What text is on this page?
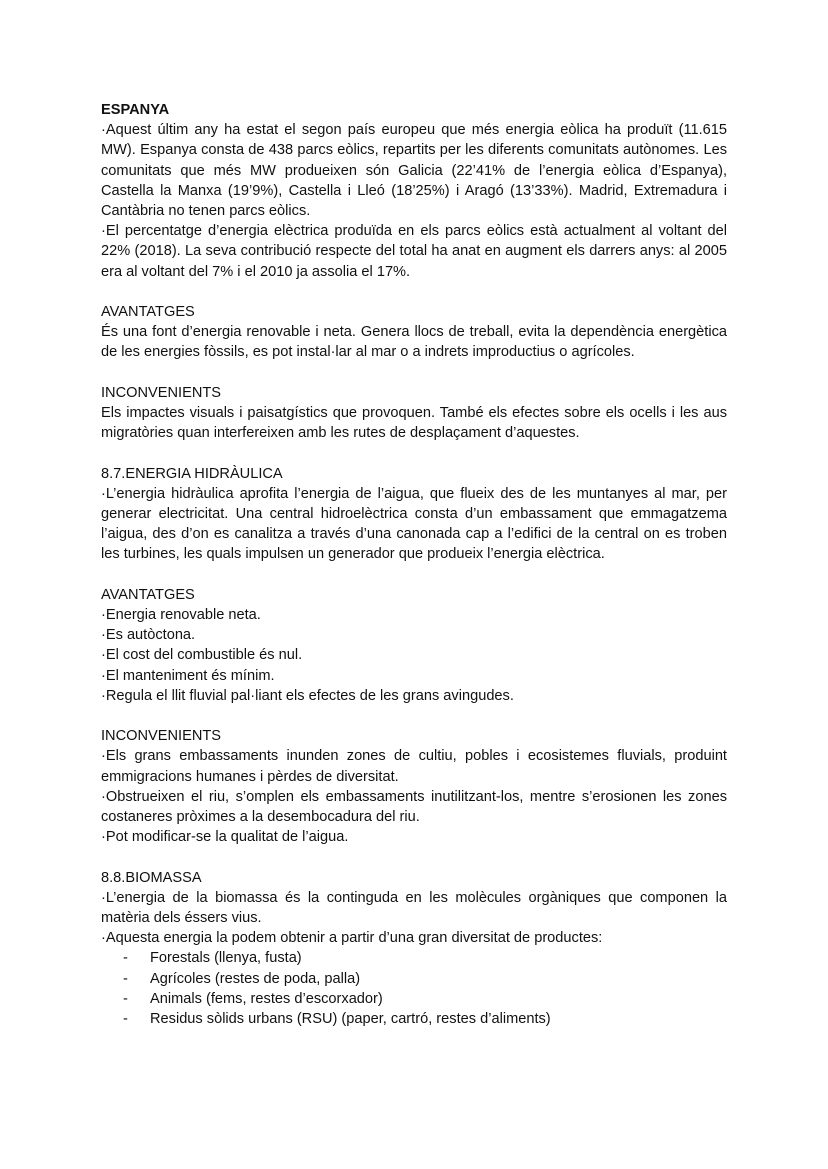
ESPANYA

·Aquest últim any ha estat el segon país europeu que més energia eòlica ha produït (11.615 MW). Espanya consta de 438 parcs eòlics, repartits per les diferents comunitats autònomes. Les comunitats que més MW produeixen són Galicia (22’41% de l’energia eòlica d’Espanya), Castella la Manxa (19’9%), Castella i Lleó (18’25%) i Aragó (13’33%). Madrid, Extremadura i Cantàbria no tenen parcs eòlics.

·El percentatge d’energia elèctrica produïda en els parcs eòlics està actualment al voltant del 22% (2018). La seva contribució respecte del total ha anat en augment els darrers anys: al 2005 era al voltant del 7% i el 2010 ja assolia el 17%.

AVANTATGES

És una font d’energia renovable i neta. Genera llocs de treball, evita la dependència energètica de les energies fòssils, es pot instal·lar al mar o a indrets improductius o agrícoles.

INCONVENIENTS

Els impactes visuals i paisatgístics que provoquen. També els efectes sobre els ocells i les aus migratòries quan interfereixen amb les rutes de desplaçament d’aquestes.

8.7.ENERGIA HIDRÀULICA

·L’energia hidràulica aprofita l’energia de l’aigua, que flueix des de les muntanyes al mar, per generar electricitat. Una central hidroelèctrica consta d’un embassament que emmagatzema l’aigua, des d’on es canalitza a través d’una canonada cap a l’edifici de la central on es troben les turbines, les quals impulsen un generador que produeix l’energia elèctrica.

AVANTATGES
·Energia renovable neta.
·Es autòctona.
·El cost del combustible és nul.
·El manteniment és mínim.
·Regula el llit fluvial pal·liant els efectes de les grans avingudes.
INCONVENIENTS

·Els grans embassaments inunden zones de cultiu, pobles i ecosistemes fluvials, produint emmigracions humanes i pèrdes de diversitat.

·Obstrueixen el riu, s’omplen els embassaments inutilitzant-los, mentre s’erosionen les zones costaneres pròximes a la desembocadura del riu.

·Pot modificar-se la qualitat de l’aigua.

8.8.BIOMASSA

·L’energia de la biomassa és la continguda en les molècules orgàniques que componen la matèria dels éssers vius.

·Aquesta energia la podem obtenir a partir d’una gran diversitat de productes:

- Forestals (llenya, fusta)
- Agrícoles (restes de poda, palla)
- Animals (fems, restes d’escorxador)
- Residus sòlids urbans (RSU) (paper, cartró, restes d’aliments)
